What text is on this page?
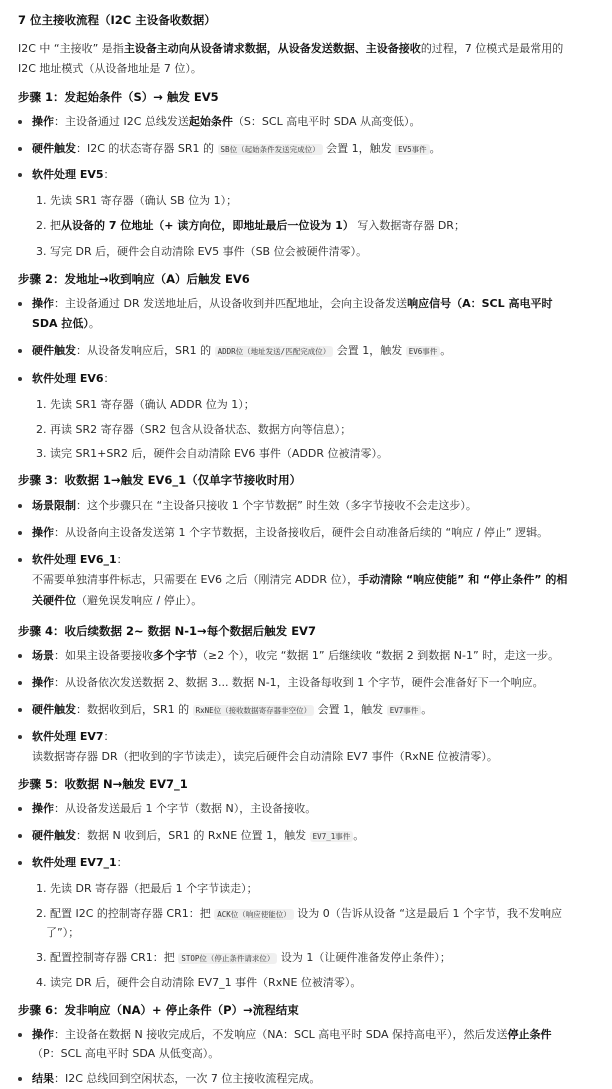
7 位主接收流程（I2C 主设备收数据）
I2C 中 “主接收” 是指主设备主动向从设备请求数据，从设备发送数据、主设备接收的过程，7 位模式是最常用的
I2C 地址模式（从设备地址是 7 位）。
步骤 1：发起始条件（S）→ 触发 EV5
操作：主设备通过 I2C 总线发送起始条件（S：SCL 高电平时 SDA 从高变低）。
硬件触发：I2C 的状态寄存器 SR1 的 SB位（起始条件发送完成位） 会置 1，触发 EV5事件 。
软件处理 EV5：
1. 先读 SR1 寄存器（确认 SB 位为 1）；
2. 把从设备的 7 位地址（+ 读方向位，即地址最后一位设为 1） 写入数据寄存器 DR；
3. 写完 DR 后，硬件会自动清除 EV5 事件（SB 位会被硬件清零）。
步骤 2：发地址→收到响应（A）后触发 EV6
操作：主设备通过 DR 发送地址后，从设备收到并匹配地址，会向主设备发送响应信号（A：SCL 高电平时
SDA 拉低）。
硬件触发：从设备发响应后，SR1 的 ADDR位（地址发送/匹配完成位） 会置 1，触发 EV6事件 。
软件处理 EV6：
1. 先读 SR1 寄存器（确认 ADDR 位为 1）；
2. 再读 SR2 寄存器（SR2 包含从设备状态、数据方向等信息）；
3. 读完 SR1+SR2 后，硬件会自动清除 EV6 事件（ADDR 位被清零）。
步骤 3：收数据 1→触发 EV6_1（仅单字节接收时用）
场景限制：这个步骤只在 “主设备只接收 1 个字节数据” 时生效（多字节接收不会走这步）。
操作：从设备向主设备发送第 1 个字节数据，主设备接收后，硬件会自动准备后续的 “响应 / 停止” 逻辑。
软件处理 EV6_1：
不需要单独清事件标志，只需要在 EV6 之后（刚清完 ADDR 位），手动清除 “响应使能” 和 “停止条件” 的相
关硬件位（避免误发响应 / 停止）。
步骤 4：收后续数据 2~ 数据 N-1→每个数据后触发 EV7
场景：如果主设备要接收多个字节（≥2 个），收完 “数据 1” 后继续收 “数据 2 到数据 N-1” 时，走这一步。
操作：从设备依次发送数据 2、数据 3... 数据 N-1，主设备每收到 1 个字节，硬件会准备好下一个响应。
硬件触发：数据收到后，SR1 的 RxNE位（接收数据寄存器非空位） 会置 1，触发 EV7事件 。
软件处理 EV7：
读数据寄存器 DR（把收到的字节读走），读完后硬件会自动清除 EV7 事件（RxNE 位被清零）。
步骤 5：收数据 N→触发 EV7_1
操作：从设备发送最后 1 个字节（数据 N），主设备接收。
硬件触发：数据 N 收到后，SR1 的 RxNE 位置 1，触发 EV7_1事件 。
软件处理 EV7_1：
1. 先读 DR 寄存器（把最后 1 个字节读走）；
2. 配置 I2C 的控制寄存器 CR1：把 ACK位（响应使能位） 设为 0（告诉从设备 “这是最后 1 个字节，我不发响应
了”）；
3. 配置控制寄存器 CR1：把 STOP位（停止条件请求位） 设为 1（让硬件准备发停止条件）；
4. 读完 DR 后，硬件会自动清除 EV7_1 事件（RxNE 位被清零）。
步骤 6：发非响应（NA）+ 停止条件（P）→流程结束
操作：主设备在数据 N 接收完成后，不发响应（NA：SCL 高电平时 SDA 保持高电平），然后发送停止条件
（P：SCL 高电平时 SDA 从低变高）。
结果：I2C 总线回到空闲状态，一次 7 位主接收流程完成。
